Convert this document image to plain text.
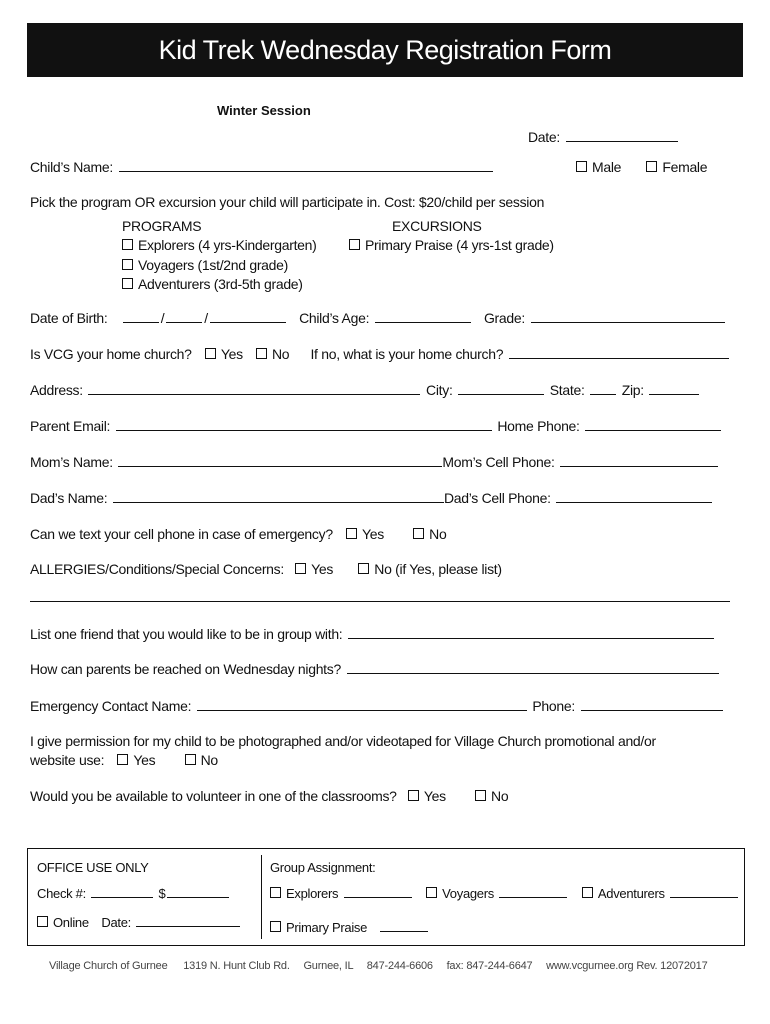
Kid Trek Wednesday Registration Form
Winter Session
Date:
Child’s Name:	Male	Female
Pick the program OR excursion your child will participate in. Cost: $20/child per session
PROGRAMS	EXCURSIONS
Explorers (4 yrs-Kindergarten)
Voyagers (1st/2nd grade)
Adventurers (3rd-5th grade)
Primary Praise (4 yrs-1st grade)
Date of Birth:	/	/	Child’s Age:	Grade:
Is VCG your home church? Yes No If no, what is your home church?
Address:	City:	State:	Zip:
Parent Email:	Home Phone:
Mom’s Name:	Mom’s Cell Phone:
Dad’s Name:	Dad’s Cell Phone:
Can we text your cell phone in case of emergency? Yes	No
ALLERGIES/Conditions/Special Concerns: Yes	No (if Yes, please list)
List one friend that you would like to be in group with:
How can parents be reached on Wednesday nights?
Emergency Contact Name:	Phone:
I give permission for my child to be photographed and/or videotaped for Village Church promotional and/or
website use: Yes	No
Would you be available to volunteer in one of the classrooms? Yes	No
OFFICE USE ONLY
Check #:	$
Online Date:
Group Assignment:
Explorers	Voyagers	Adventurers
Primary Praise
Village Church of Gurnee 1319 N. Hunt Club Rd. Gurnee, IL 847-244-6606 fax: 847-244-6647 www.vcgurnee.org Rev. 12072017
